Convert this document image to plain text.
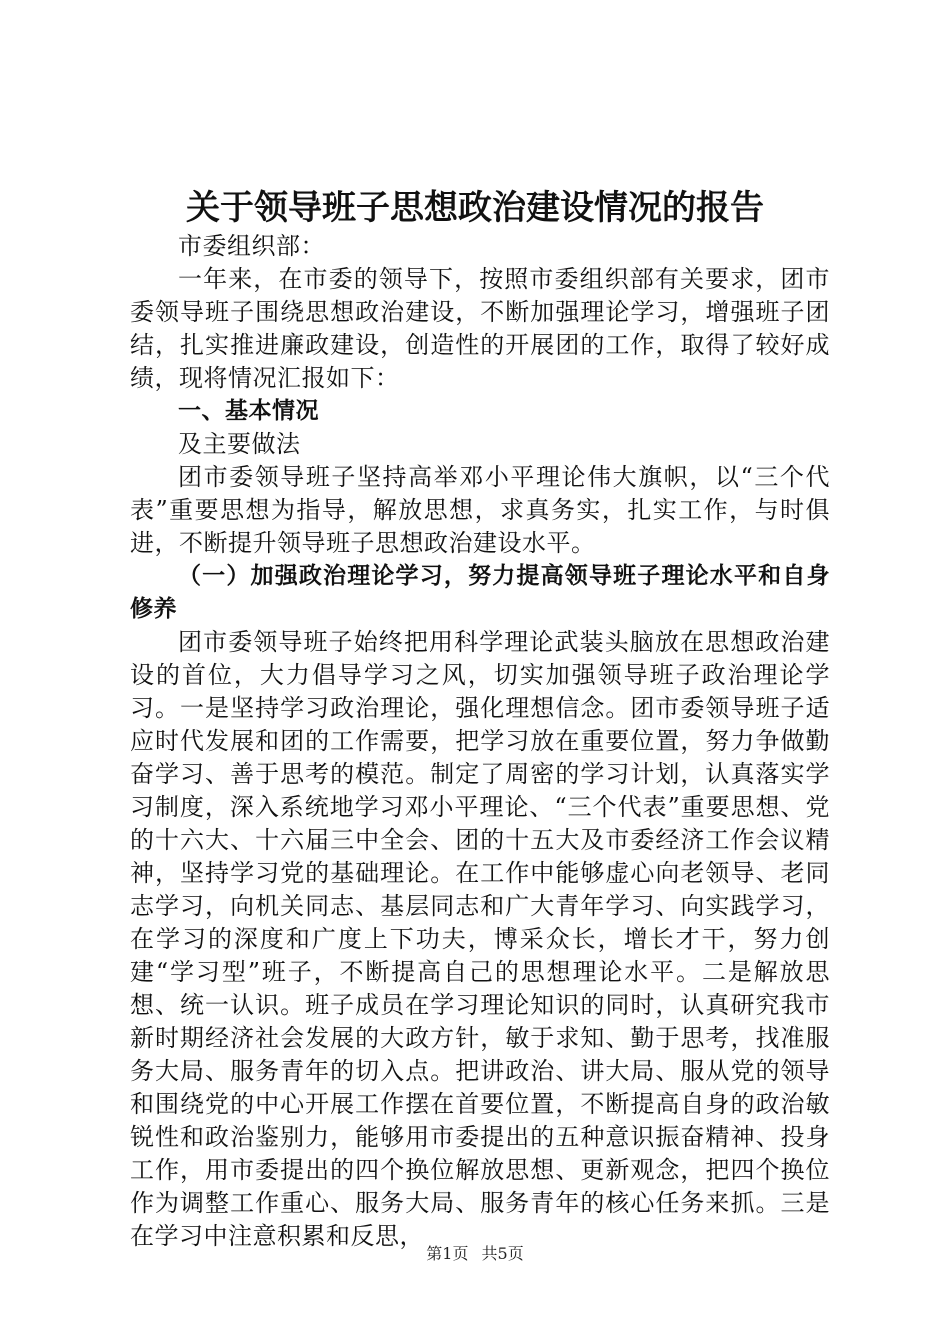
关于领导班子思想政治建设情况的报告

市委组织部：

一年来，在市委的领导下，按照市委组织部有关要求，团市委领导班子围绕思想政治建设，不断加强理论学习，增强班子团结，扎实推进廉政建设，创造性的开展团的工作，取得了较好成绩，现将情况汇报如下：

一、基本情况

及主要做法

团市委领导班子坚持高举邓小平理论伟大旗帜，以“三个代表”重要思想为指导，解放思想，求真务实，扎实工作，与时俱进，不断提升领导班子思想政治建设水平。

（一）加强政治理论学习，努力提高领导班子理论水平和自身修养

团市委领导班子始终把用科学理论武装头脑放在思想政治建设的首位，大力倡导学习之风，切实加强领导班子政治理论学习。一是坚持学习政治理论，强化理想信念。团市委领导班子适应时代发展和团的工作需要，把学习放在重要位置，努力争做勤奋学习、善于思考的模范。制定了周密的学习计划，认真落实学习制度，深入系统地学习邓小平理论、“三个代表”重要思想、党的十六大、十六届三中全会、团的十五大及市委经济工作会议精神，坚持学习党的基础理论。在工作中能够虚心向老领导、老同志学习，向机关同志、基层同志和广大青年学习、向实践学习，在学习的深度和广度上下功夫，博采众长，增长才干，努力创建“学习型”班子，不断提高自己的思想理论水平。二是解放思想、统一认识。班子成员在学习理论知识的同时，认真研究我市新时期经济社会发展的大政方针，敏于求知、勤于思考，找准服务大局、服务青年的切入点。把讲政治、讲大局、服从党的领导和围绕党的中心开展工作摆在首要位置，不断提高自身的政治敏锐性和政治鉴别力，能够用市委提出的五种意识振奋精神、投身工作，用市委提出的四个换位解放思想、更新观念，把四个换位作为调整工作重心、服务大局、服务青年的核心任务来抓。三是在学习中注意积累和反思，

第1页 共5页
